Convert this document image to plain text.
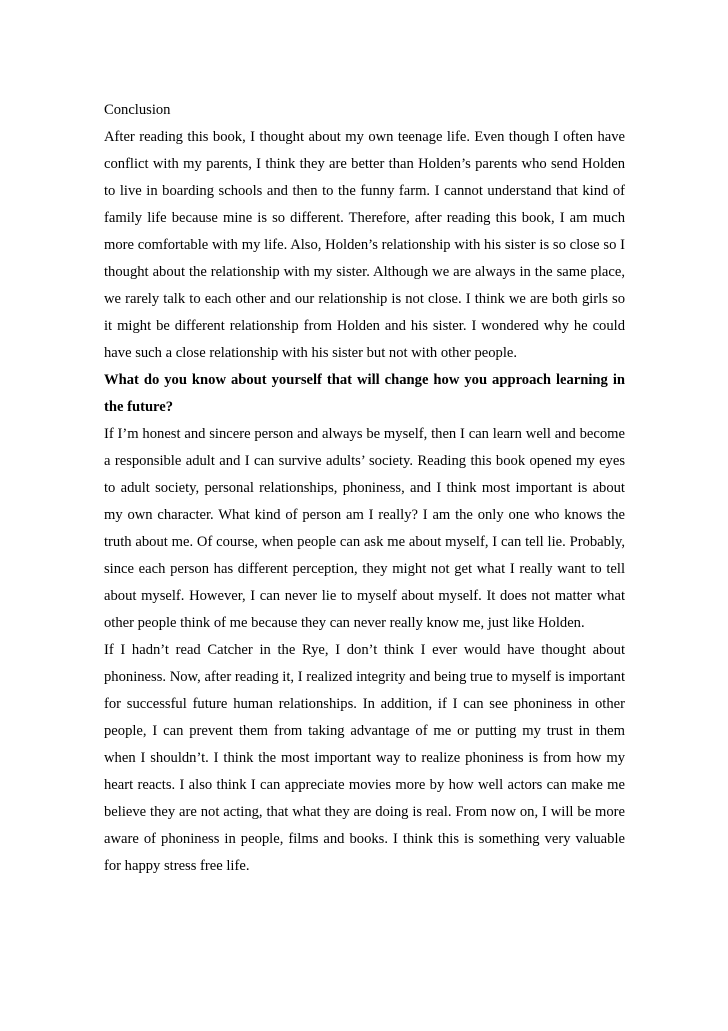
Conclusion

After reading this book, I thought about my own teenage life. Even though I often have conflict with my parents, I think they are better than Holden’s parents who send Holden to live in boarding schools and then to the funny farm. I cannot understand that kind of family life because mine is so different. Therefore, after reading this book, I am much more comfortable with my life. Also, Holden’s relationship with his sister is so close so I thought about the relationship with my sister. Although we are always in the same place, we rarely talk to each other and our relationship is not close. I think we are both girls so it might be different relationship from Holden and his sister. I wondered why he could have such a close relationship with his sister but not with other people.

What do you know about yourself that will change how you approach learning in the future?

If I’m honest and sincere person and always be myself, then I can learn well and become a responsible adult and I can survive adults’ society. Reading this book opened my eyes to adult society, personal relationships, phoniness, and I think most important is about my own character. What kind of person am I really? I am the only one who knows the truth about me. Of course, when people can ask me about myself, I can tell lie. Probably, since each person has different perception, they might not get what I really want to tell about myself. However, I can never lie to myself about myself. It does not matter what other people think of me because they can never really know me, just like Holden.

If I hadn’t read Catcher in the Rye, I don’t think I ever would have thought about phoniness. Now, after reading it, I realized integrity and being true to myself is important for successful future human relationships. In addition, if I can see phoniness in other people, I can prevent them from taking advantage of me or putting my trust in them when I shouldn’t. I think the most important way to realize phoniness is from how my heart reacts. I also think I can appreciate movies more by how well actors can make me believe they are not acting, that what they are doing is real. From now on, I will be more aware of phoniness in people, films and books. I think this is something very valuable for happy stress free life.
